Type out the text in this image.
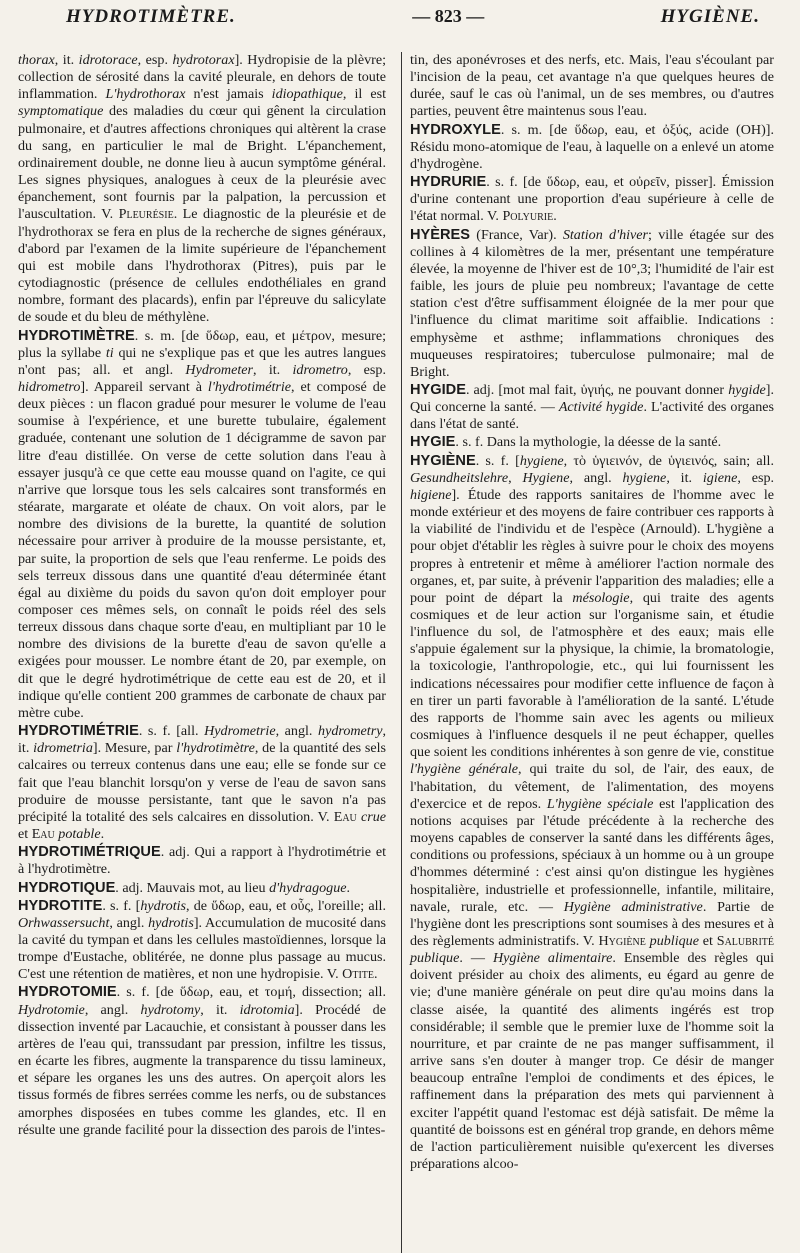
HYDROTIMÈTRE.	— 823 —	HYGIÈNE.

thorax, it. idrotorace, esp. hydrotorax]. Hydropisie de la plèvre; collection de sérosité dans la cavité pleurale, en dehors de toute inflammation. L'hydrothorax n'est jamais idiopathique, il est symptomatique des maladies du cœur qui gênent la circulation pulmonaire, et d'autres affections chroniques qui altèrent la crase du sang, en particulier le mal de Bright. L'épanchement, ordinairement double, ne donne lieu à aucun symptôme général. Les signes physiques, analogues à ceux de la pleurésie avec épanchement, sont fournis par la palpation, la percussion et l'auscultation. V. Pleurésie. Le diagnostic de la pleurésie et de l'hydrothorax se fera en plus de la recherche de signes généraux, d'abord par l'examen de la limite supérieure de l'épanchement qui est mobile dans l'hydrothorax (Pitres), puis par le cytodiagnostic (présence de cellules endothéliales en grand nombre, formant des placards), enfin par l'épreuve du salicylate de soude et du bleu de méthylène.

HYDROTIMÈTRE. s. m. [de ὕδωρ, eau, et μέτρον, mesure; plus la syllabe ti qui ne s'explique pas et que les autres langues n'ont pas; all. et angl. Hydrometer, it. idrometro, esp. hidrometro]. Appareil servant à l'hydrotimétrie, et composé de deux pièces : un flacon gradué pour mesurer le volume de l'eau soumise à l'expérience, et une burette tubulaire, également graduée, contenant une solution de 1 décigramme de savon par litre d'eau distillée. On verse de cette solution dans l'eau à essayer jusqu'à ce que cette eau mousse quand on l'agite, ce qui n'arrive que lorsque tous les sels calcaires sont transformés en stéarate, margarate et oléate de chaux. On voit alors, par le nombre des divisions de la burette, la quantité de solution nécessaire pour arriver à produire de la mousse persistante, et, par suite, la proportion de sels que l'eau renferme. Le poids des sels terreux dissous dans une quantité d'eau déterminée étant égal au dixième du poids du savon qu'on doit employer pour composer ces mêmes sels, on connaît le poids réel des sels terreux dissous dans chaque sorte d'eau, en multipliant par 10 le nombre des divisions de la burette d'eau de savon qu'elle a exigées pour mousser. Le nombre étant de 20, par exemple, on dit que le degré hydrotimétrique de cette eau est de 20, et il indique qu'elle contient 200 grammes de carbonate de chaux par mètre cube.

HYDROTIMÉTRIE. s. f. [all. Hydrometrie, angl. hydrometry, it. idrometria]. Mesure, par l'hydrotimètre, de la quantité des sels calcaires ou terreux contenus dans une eau; elle se fonde sur ce fait que l'eau blanchit lorsqu'on y verse de l'eau de savon sans produire de mousse persistante, tant que le savon n'a pas précipité la totalité des sels calcaires en dissolution. V. Eau crue et Eau potable.

HYDROTIMÉTRIQUE. adj. Qui a rapport à l'hydrotimétrie et à l'hydrotimètre.

HYDROTIQUE. adj. Mauvais mot, au lieu d'hydragogue.

HYDROTITE. s. f. [hydrotis, de ὕδωρ, eau, et οὖς, l'oreille; all. Orhwassersucht, angl. hydrotis]. Accumulation de mucosité dans la cavité du tympan et dans les cellules mastoïdiennes, lorsque la trompe d'Eustache, oblitérée, ne donne plus passage au mucus. C'est une rétention de matières, et non une hydropisie. V. Otite.

HYDROTOMIE. s. f. [de ὕδωρ, eau, et τομή, dissection; all. Hydrotomie, angl. hydrotomy, it. idrotomia]. Procédé de dissection inventé par Lacauchie, et consistant à pousser dans les artères de l'eau qui, transsudant par pression, infiltre les tissus, en écarte les fibres, augmente la transparence du tissu lamineux, et sépare les organes les uns des autres. On aperçoit alors les tissus formés de fibres serrées comme les nerfs, ou de substances amorphes disposées en tubes comme les glandes, etc. Il en résulte une grande facilité pour la dissection des parois de l'intes-

tin, des aponévroses et des nerfs, etc. Mais, l'eau s'écoulant par l'incision de la peau, cet avantage n'a que quelques heures de durée, sauf le cas où l'animal, un de ses membres, ou d'autres parties, peuvent être maintenus sous l'eau.

HYDROXYLE. s. m. [de ὕδωρ, eau, et ὀξύς, acide (OH)]. Résidu mono-atomique de l'eau, à laquelle on a enlevé un atome d'hydrogène.

HYDRURIE. s. f. [de ὕδωρ, eau, et οὐρεῖν, pisser]. Émission d'urine contenant une proportion d'eau supérieure à celle de l'état normal. V. Polyurie.

HYÈRES (France, Var). Station d'hiver; ville étagée sur des collines à 4 kilomètres de la mer, présentant une température élevée, la moyenne de l'hiver est de 10°,3; l'humidité de l'air est faible, les jours de pluie peu nombreux; l'avantage de cette station c'est d'être suffisamment éloignée de la mer pour que l'influence du climat maritime soit affaiblie. Indications : emphysème et asthme; inflammations chroniques des muqueuses respiratoires; tuberculose pulmonaire; mal de Bright.

HYGIDE. adj. [mot mal fait, ὑγιής, ne pouvant donner hygide]. Qui concerne la santé. — Activité hygide. L'activité des organes dans l'état de santé.

HYGIE. s. f. Dans la mythologie, la déesse de la santé.

HYGIÈNE. s. f. [hygiene, τὸ ὑγιεινόν, de ὑγιεινός, sain; all. Gesundheitslehre, Hygiene, angl. hygiene, it. igiene, esp. higiene]. Étude des rapports sanitaires de l'homme avec le monde extérieur et des moyens de faire contribuer ces rapports à la viabilité de l'individu et de l'espèce (Arnould). L'hygiène a pour objet d'établir les règles à suivre pour le choix des moyens propres à entretenir et même à améliorer l'action normale des organes, et, par suite, à prévenir l'apparition des maladies; elle a pour point de départ la mésologie, qui traite des agents cosmiques et de leur action sur l'organisme sain, et étudie l'influence du sol, de l'atmosphère et des eaux; mais elle s'appuie également sur la physique, la chimie, la bromatologie, la toxicologie, l'anthropologie, etc., qui lui fournissent les indications nécessaires pour modifier cette influence de façon à en tirer un parti favorable à l'amélioration de la santé. L'étude des rapports de l'homme sain avec les agents ou milieux cosmiques à l'influence desquels il ne peut échapper, quelles que soient les conditions inhérentes à son genre de vie, constitue l'hygiène générale, qui traite du sol, de l'air, des eaux, de l'habitation, du vêtement, de l'alimentation, des moyens d'exercice et de repos. L'hygiène spéciale est l'application des notions acquises par l'étude précédente à la recherche des moyens capables de conserver la santé dans les différents âges, conditions ou professions, spéciaux à un homme ou à un groupe d'hommes déterminé : c'est ainsi qu'on distingue les hygiènes hospitalière, industrielle et professionnelle, infantile, militaire, navale, rurale, etc. — Hygiène administrative. Partie de l'hygiène dont les prescriptions sont soumises à des mesures et à des règlements administratifs. V. Hygiène publique et Salubrité publique. — Hygiène alimentaire. Ensemble des règles qui doivent présider au choix des aliments, eu égard au genre de vie; d'une manière générale on peut dire qu'au moins dans la classe aisée, la quantité des aliments ingérés est trop considérable; il semble que le premier luxe de l'homme soit la nourriture, et par crainte de ne pas manger suffisamment, il arrive sans s'en douter à manger trop. Ce désir de manger beaucoup entraîne l'emploi de condiments et des épices, le raffinement dans la préparation des mets qui parviennent à exciter l'appétit quand l'estomac est déjà satisfait. De même la quantité de boissons est en général trop grande, en dehors même de l'action particulièrement nuisible qu'exercent les diverses préparations alcoo-
